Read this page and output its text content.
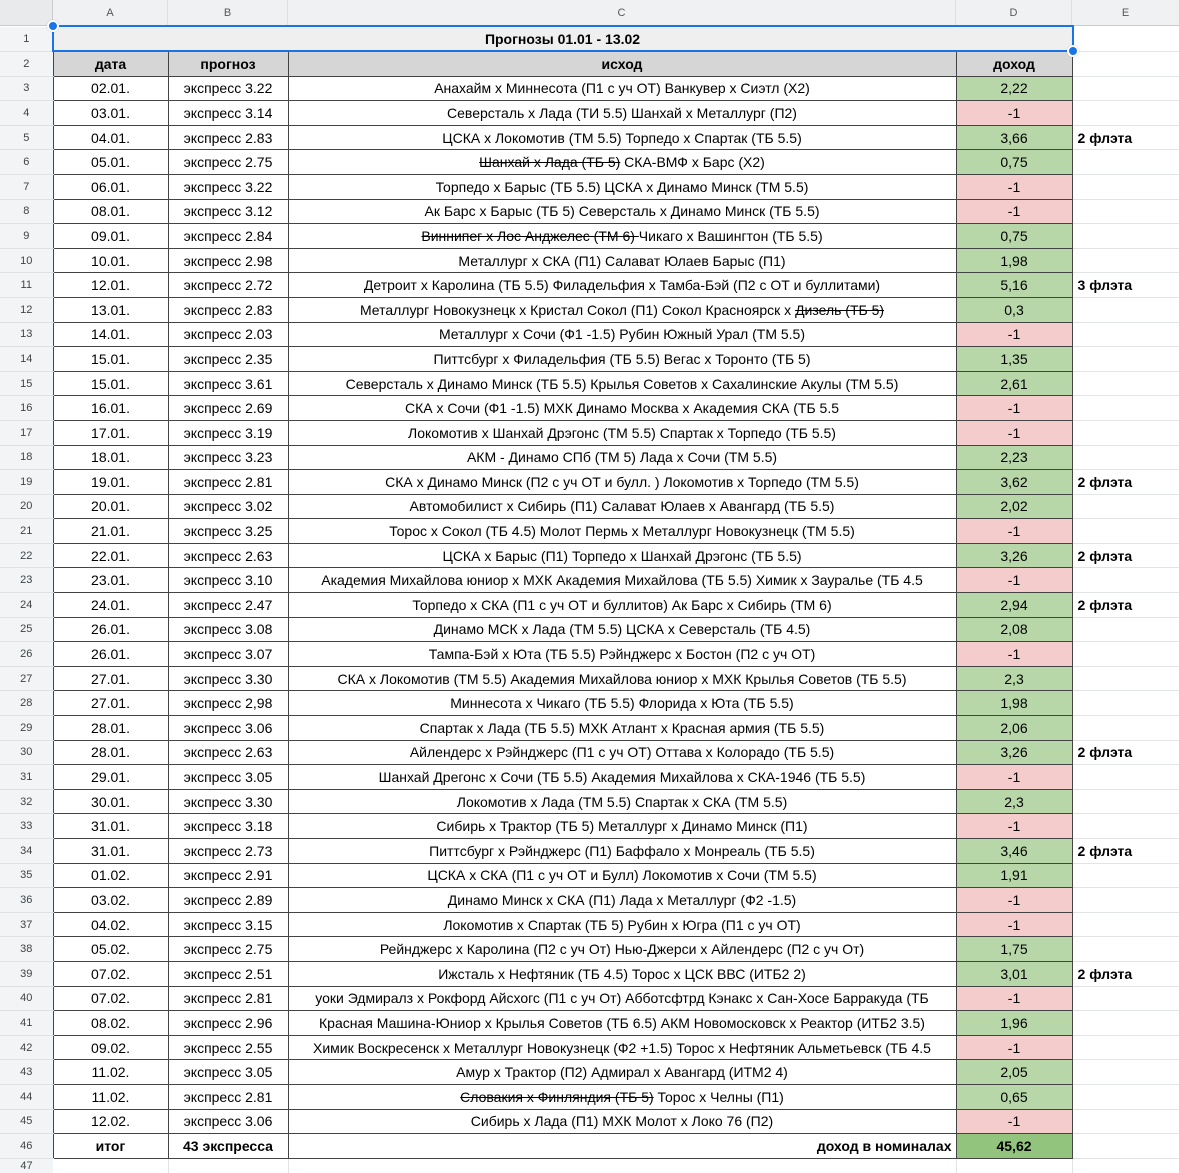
A	B	C	D	E
1	Прогнозы 01.01 - 13.02				
2	дата	прогноз	исход	доход	
3	02.01.	экспресс 3.22	Анахайм х Миннесота (П1 с уч ОТ) Ванкувер х Сиэтл (Х2)	2,22	
4	03.01.	экспресс 3.14	Северсталь х Лада (ТИ 5.5) Шанхай х Металлург (П2)	-1	
5	04.01.	экспресс 2.83	ЦСКА х Локомотив (ТМ 5.5) Торпедо х Спартак (ТБ 5.5)	3,66	2 флэта
6	05.01.	экспресс 2.75	Шанхай х Лада (ТБ 5) СКА-ВМФ х Барс (Х2)	0,75	
7	06.01.	экспресс 3.22	Торпедо х Барыс (ТБ 5.5) ЦСКА х Динамо Минск (ТМ 5.5)	-1	
8	08.01.	экспресс 3.12	Ак Барс х Барыс (ТБ 5) Северсталь х Динамо Минск (ТБ 5.5)	-1	
9	09.01.	экспресс 2.84	Виннипег х Лос Анджелес (ТМ 6) Чикаго х Вашингтон (ТБ 5.5)	0,75	
10	10.01.	экспресс 2.98	Металлург х СКА (П1) Салават Юлаев Барыс (П1)	1,98	
11	12.01.	экспресс 2.72	Детроит х Каролина (ТБ 5.5) Филадельфия х Тамба-Бэй (П2 с ОТ и буллитами)	5,16	3 флэта
12	13.01.	экспресс 2.83	Металлург Новокузнецк х Кристал Сокол (П1) Сокол Красноярск х Дизель (ТБ 5)	0,3	
13	14.01.	экспресс 2.03	Металлург х Сочи (Ф1 -1.5) Рубин Южный Урал (ТМ 5.5)	-1	
14	15.01.	экспресс 2.35	Питтсбург х Филадельфия (ТБ 5.5) Вегас х Торонто (ТБ 5)	1,35	
15	15.01.	экспресс 3.61	Северсталь х Динамо Минск (ТБ 5.5) Крылья Советов х Сахалинские Акулы (ТМ 5.5)	2,61	
16	16.01.	экспресс 2.69	СКА х Сочи (Ф1 -1.5) МХК Динамо Москва х Академия СКА (ТБ 5.5	-1	
17	17.01.	экспресс 3.19	Локомотив х Шанхай Дрэгонс (ТМ 5.5) Спартак х Торпедо (ТБ 5.5)	-1	
18	18.01.	экспресс 3.23	АКМ - Динамо СПб (ТМ 5) Лада х Сочи (ТМ 5.5)	2,23	
19	19.01.	экспресс 2.81	СКА х Динамо Минск (П2 с уч ОТ и булл. ) Локомотив х Торпедо (ТМ 5.5)	3,62	2 флэта
20	20.01.	экспресс 3.02	Автомобилист х Сибирь (П1) Салават Юлаев х Авангард (ТБ 5.5)	2,02	
21	21.01.	экспресс 3.25	Торос х Сокол (ТБ 4.5) Молот Пермь х Металлург Новокузнецк (ТМ 5.5)	-1	
22	22.01.	экспресс 2.63	ЦСКА х Барыс (П1) Торпедо х Шанхай Дрэгонс (ТБ 5.5)	3,26	2 флэта
23	23.01.	экспресс 3.10	Академия Михайлова юниор х МХК Академия Михайлова (ТБ 5.5) Химик х Зауралье (ТБ 4.5	-1	
24	24.01.	экспресс 2.47	Торпедо х СКА (П1 с уч ОТ и буллитов) Ак Барс х Сибирь (ТМ 6)	2,94	2 флэта
25	26.01.	экспресс 3.08	Динамо МСК х Лада (ТМ 5.5) ЦСКА х Северсталь (ТБ 4.5)	2,08	
26	26.01.	экспресс 3.07	Тампа-Бэй х Юта (ТБ 5.5) Рэйнджерс х Бостон (П2 с уч ОТ)	-1	
27	27.01.	экспресс 3.30	СКА х Локомотив (ТМ 5.5) Академия Михайлова юниор х МХК Крылья Советов (ТБ 5.5)	2,3	
28	27.01.	экспресс 2,98	Миннесота х Чикаго (ТБ 5.5) Флорида х Юта (ТБ 5.5)	1,98	
29	28.01.	экспресс 3.06	Спартак х Лада (ТБ 5.5) МХК Атлант х Красная армия (ТБ 5.5)	2,06	
30	28.01.	экспресс 2.63	Айлендерс х Рэйнджерс (П1 с уч ОТ) Оттава х Колорадо (ТБ 5.5)	3,26	2 флэта
31	29.01.	экспресс 3.05	Шанхай Дрегонс х Сочи (ТБ 5.5) Академия Михайлова х СКА-1946 (ТБ 5.5)	-1	
32	30.01.	экспресс 3.30	Локомотив х Лада (ТМ 5.5) Спартак х СКА (ТМ 5.5)	2,3	
33	31.01.	экспресс 3.18	Сибирь х Трактор (ТБ 5) Металлург х Динамо Минск (П1)	-1	
34	31.01.	экспресс 2.73	Питтсбург х Рэйнджерс (П1) Баффало х Монреаль (ТБ 5.5)	3,46	2 флэта
35	01.02.	экспресс 2.91	ЦСКА х СКА (П1 с уч ОТ и Булл) Локомотив х Сочи (ТМ 5.5)	1,91	
36	03.02.	экспресс 2.89	Динамо Минск х СКА (П1) Лада х Металлург (Ф2 -1.5)	-1	
37	04.02.	экспресс 3.15	Локомотив х Спартак (ТБ 5) Рубин х Югра (П1 с уч ОТ)	-1	
38	05.02.	экспресс 2.75	Рейнджерс х Каролина (П2 с уч От) Нью-Джерси х Айлендерс (П2 с уч От)	1,75	
39	07.02.	экспресс 2.51	Ижсталь х Нефтяник (ТБ 4.5) Торос х ЦСК ВВС (ИТБ2 2)	3,01	2 флэта
40	07.02.	экспресс 2.81	уоки Эдмиралз х Рокфорд Айсхогс (П1 с уч От) Абботсфтрд Кэнакс х Сан-Хосе Барракуда (ТБ	-1	
41	08.02.	экспресс 2.96	Красная Машина-Юниор х Крылья Советов (ТБ 6.5) АКМ Новомосковск х Реактор (ИТБ2 3.5)	1,96	
42	09.02.	экспресс 2.55	Химик Воскресенск х Металлург Новокузнецк (Ф2 +1.5) Торос х Нефтяник Альметьевск (ТБ 4.5	-1	
43	11.02.	экспресс 3.05	Амур х Трактор (П2) Адмирал х Авангард (ИТМ2 4)	2,05	
44	11.02.	экспресс 2.81	Словакия х Финляндия (ТБ 5) Торос х Челны (П1)	0,65	
45	12.02.	экспресс 3.06	Сибирь х Лада (П1) МХК Молот х Локо 76 (П2)	-1	
46	итог	43 экспресса	доход в номиналах	45,62	
47					
